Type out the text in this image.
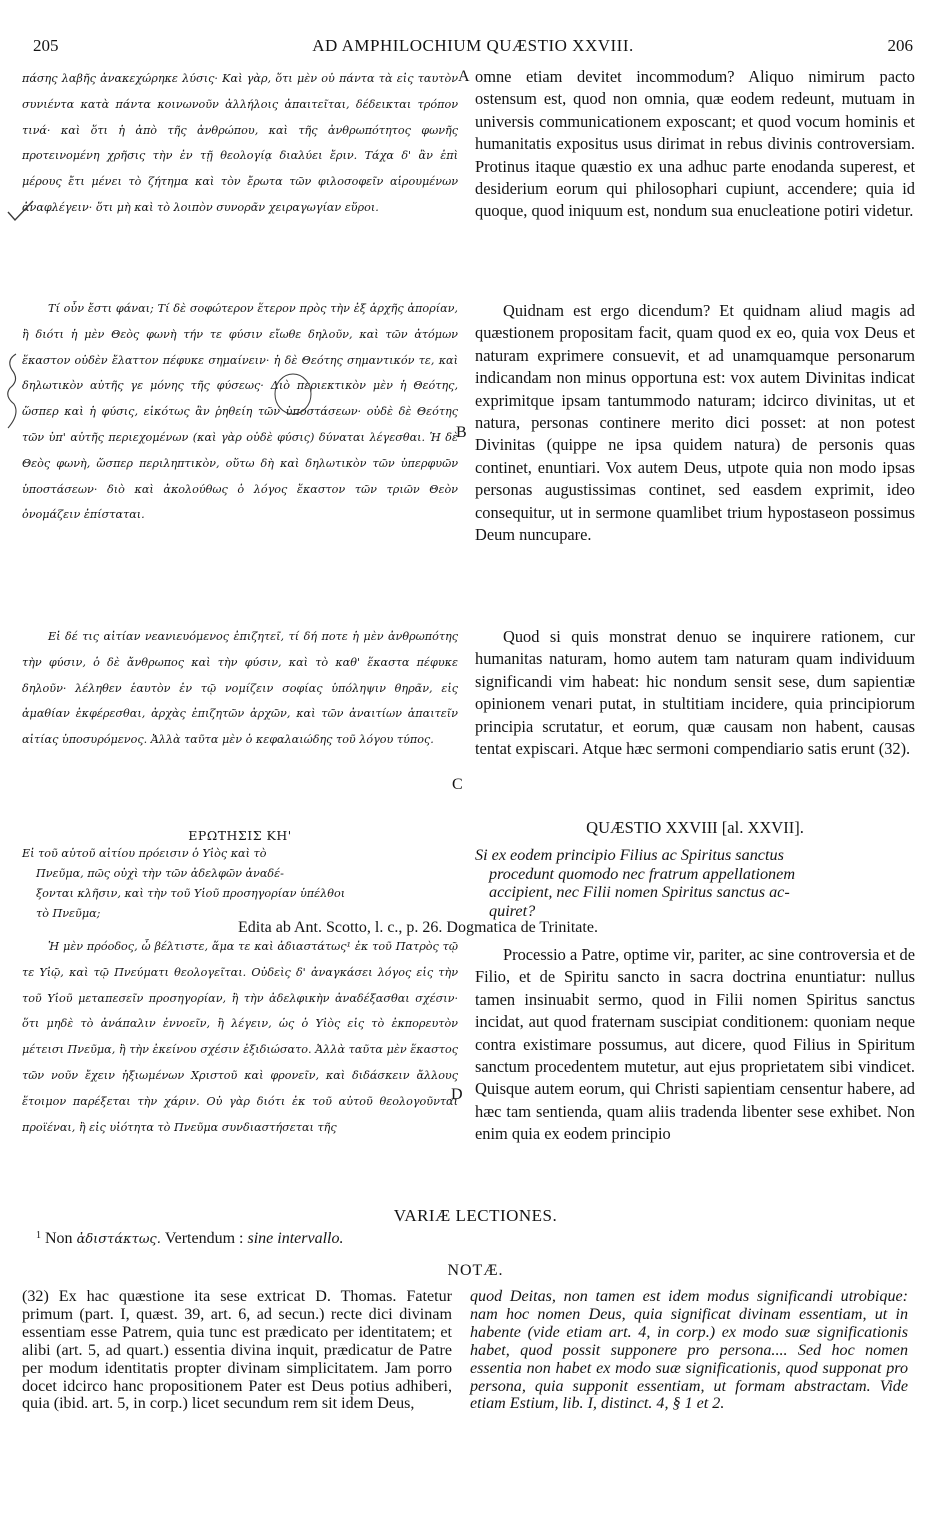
205	AD AMPHILOCHIUM QUÆSTIO XXVIII.	206

πάσης λαβῆς ἀνακεχώρηκε λύσις· Καὶ γὰρ, ὅτι μὲν οὐ πάντα τὰ εἰς ταυτὸν συνιέντα κατὰ πάντα κοινωνοῦν ἀλλήλοις ἀπαιτεῖται, δέδεικται τρόπον τινά· καὶ ὅτι ἡ ἀπὸ τῆς ἀνθρώπου, καὶ τῆς ἀνθρωπότητος φωνῆς προτεινομένη χρῆσις τὴν ἐν τῇ θεολογίᾳ διαλύει ἔριν. Τάχα δ' ἂν ἐπὶ μέρους ἔτι μένει τὸ ζήτημα καὶ τὸν ἔρωτα τῶν φιλοσοφεῖν αἱρουμένων ἀναφλέγειν· ὅτι μὴ καὶ τὸ λοιπὸν συνορᾶν χειραγωγίαν εὕροι.

Τί οὖν ἔστι φάναι; Τί δὲ σοφώτερον ἕτερον πρὸς τὴν ἐξ ἀρχῆς ἀπορίαν, ἢ διότι ἡ μὲν Θεὸς φωνὴ τήν τε φύσιν εἴωθε δηλοῦν, καὶ τῶν ἀτόμων ἕκαστον οὐδὲν ἔλαττον πέφυκε σημαίνειν· ἡ δὲ Θεότης σημαντικόν τε, καὶ δηλωτικὸν αὐτῆς γε μόνης τῆς φύσεως· Διὸ περιεκτικὸν μὲν ἡ Θεότης, ὥσπερ καὶ ἡ φύσις, εἰκότως ἂν ῥηθείη τῶν ὑποστάσεων· οὐδὲ δὲ Θεότης τῶν ὑπ' αὐτῆς περιεχομένων (καὶ γὰρ οὐδὲ φύσις) δύναται λέγεσθαι. Ἡ δὲ Θεὸς φωνὴ, ὥσπερ περιληπτικὸν, οὕτω δὴ καὶ δηλωτικὸν τῶν ὑπερφυῶν ὑποστάσεων· διὸ καὶ ἀκολούθως ὁ λόγος ἕκαστον τῶν τριῶν Θεὸν ὀνομάζειν ἐπίσταται.

Εἰ δέ τις αἰτίαν νεανιευόμενος ἐπιζητεῖ, τί δή ποτε ἡ μὲν ἀνθρωπότης τὴν φύσιν, ὁ δὲ ἄνθρωπος καὶ τὴν φύσιν, καὶ τὸ καθ' ἕκαστα πέφυκε δηλοῦν· λέληθεν ἑαυτὸν ἐν τῷ νομίζειν σοφίας ὑπόληψιν θηρᾶν, εἰς ἀμαθίαν ἐκφέρεσθαι, ἀρχὰς ἐπιζητῶν ἀρχῶν, καὶ τῶν ἀναιτίων ἀπαιτεῖν αἰτίας ὑποσυρόμενος. Ἀλλὰ ταῦτα μὲν ὁ κεφαλαιώδης τοῦ λόγου τύπος.

ΕΡΩΤΗΣΙΣ ΚΗ'
Εἰ τοῦ αὐτοῦ αἰτίου πρόεισιν ὁ Υἱὸς καὶ τὸ
Πνεῦμα, πῶς οὐχὶ τὴν τῶν ἀδελφῶν ἀναδέ-
ξονται κλῆσιν, καὶ τὴν τοῦ Υἱοῦ προσηγορίαν ὑπέλθοι
τὸ Πνεῦμα;

Ἡ μὲν πρόοδος, ὦ βέλτιστε, ἅμα τε καὶ ἀδιαστάτως¹ ἐκ τοῦ Πατρὸς τῷ τε Υἱῷ, καὶ τῷ Πνεύματι θεολογεῖται. Οὐδεὶς δ' ἀναγκάσει λόγος εἰς τὴν τοῦ Υἱοῦ μεταπεσεῖν προσηγορίαν, ἢ τὴν ἀδελφικὴν ἀναδέξασθαι σχέσιν· ὅτι μηδὲ τὸ ἀνάπαλιν ἐννοεῖν, ἢ λέγειν, ὡς ὁ Υἱὸς εἰς τὸ ἐκπορευτὸν μέτεισι Πνεῦμα, ἢ τὴν ἐκείνου σχέσιν ἐξιδιώσατο. Ἀλλὰ ταῦτα μὲν ἕκαστος τῶν νοῦν ἔχειν ἠξιωμένων Χριστοῦ καὶ φρονεῖν, καὶ διδάσκειν ἄλλους ἕτοιμον παρέξεται τὴν χάριν. Οὐ γὰρ διότι ἐκ τοῦ αὐτοῦ θεολογοῦνται προϊέναι, ἢ εἰς υἱότητα τὸ Πνεῦμα συνδιαστήσεται τῆς

omne etiam devitet incommodum? Aliquo nimirum pacto ostensum est, quod non omnia, quæ eodem redeunt, mutuam in universis communicationem exposcant; et quod vocum hominis et humanitatis expositus usus dirimat in rebus divinis controversiam. Protinus itaque quæstio ex una adhuc parte enodanda superest, et desiderium eorum qui philosophari cupiunt, accendere; quia id quoque, quod iniquum est, nondum sua enucleatione potiri videtur.

Quidnam est ergo dicendum? Et quidnam aliud magis ad quæstionem propositam facit, quam quod ex eo, quia vox Deus et naturam exprimere consuevit, et ad unamquamque personarum indicandam non minus opportuna est: vox autem Divinitas indicat exprimitque ipsam tantummodo naturam; idcirco divinitas, ut et natura, personas continere merito dici posset: at non potest Divinitas (quippe ne ipsa quidem natura) de personis quas continet, enuntiari. Vox autem Deus, utpote quia non modo ipsas personas augustissimas continet, sed easdem exprimit, ideo consequitur, ut in sermone quamlibet trium hypostaseon possimus Deum nuncupare.

Quod si quis monstrat denuo se inquirere rationem, cur humanitas naturam, homo autem tam naturam quam individuum significandi vim habeat: hic nondum sensit sese, dum sapientiæ opinionem venari putat, in stultitiam incidere, quia principiorum principia scrutatur, et eorum, quæ causam non habent, causas tentat expiscari. Atque hæc sermoni compendiario satis erunt (32).

QUÆSTIO XXVIII [al. XXVII].
Si ex eodem principio Filius ac Spiritus sanctus
procedunt quomodo nec fratrum appellationem
accipient, nec Filii nomen Spiritus sanctus ac-
quiret?
Edita ab Ant. Scotto, l. c., p. 26. Dogmatica de Trinitate.

Processio a Patre, optime vir, pariter, ac sine controversia et de Filio, et de Spiritu sancto in sacra doctrina enuntiatur: nullus tamen insinuabit sermo, quod in Filii nomen Spiritus sanctus incidat, aut quod fraternam suscipiat conditionem: quoniam neque contra existimare possumus, aut dicere, quod Filius in Spiritum sanctum procedentem mutetur, aut ejus proprietatem sibi vindicet. Quisque autem eorum, qui Christi sapientiam censentur habere, ad hæc tam sentienda, quam aliis tradenda libenter sese exhibet. Non enim quia ex eodem principio

A
B
C
D
VARIÆ LECTIONES.
$^1$ Non ἀδιστάκτως. Vertendum : sine intervallo.
NOTÆ.

(32) Ex hac quæstione ita sese extricat D. Thomas. Fatetur primum (part. I, quæst. 39, art. 6, ad secun.) recte dici divinam essentiam esse Patrem, quia tunc est prædicato per identitatem; et alibi (art. 5, ad quart.) essentia divina inquit, prædicatur de Patre per modum identitatis propter divinam simplicitatem. Jam porro docet idcirco hanc propositionem Pater est Deus potius adhiberi, quia (ibid. art. 5, in corp.) licet secundum rem sit idem Deus,

quod Deitas, non tamen est idem modus significandi utrobique: nam hoc nomen Deus, quia significat divinam essentiam, ut in habente (vide etiam art. 4, in corp.) ex modo suæ significationis habet, quod possit supponere pro persona.... Sed hoc nomen essentia non habet ex modo suæ significationis, quod supponat pro persona, quia supponit essentiam, ut formam abstractam. Vide etiam Estium, lib. I, distinct. 4, § 1 et 2.
